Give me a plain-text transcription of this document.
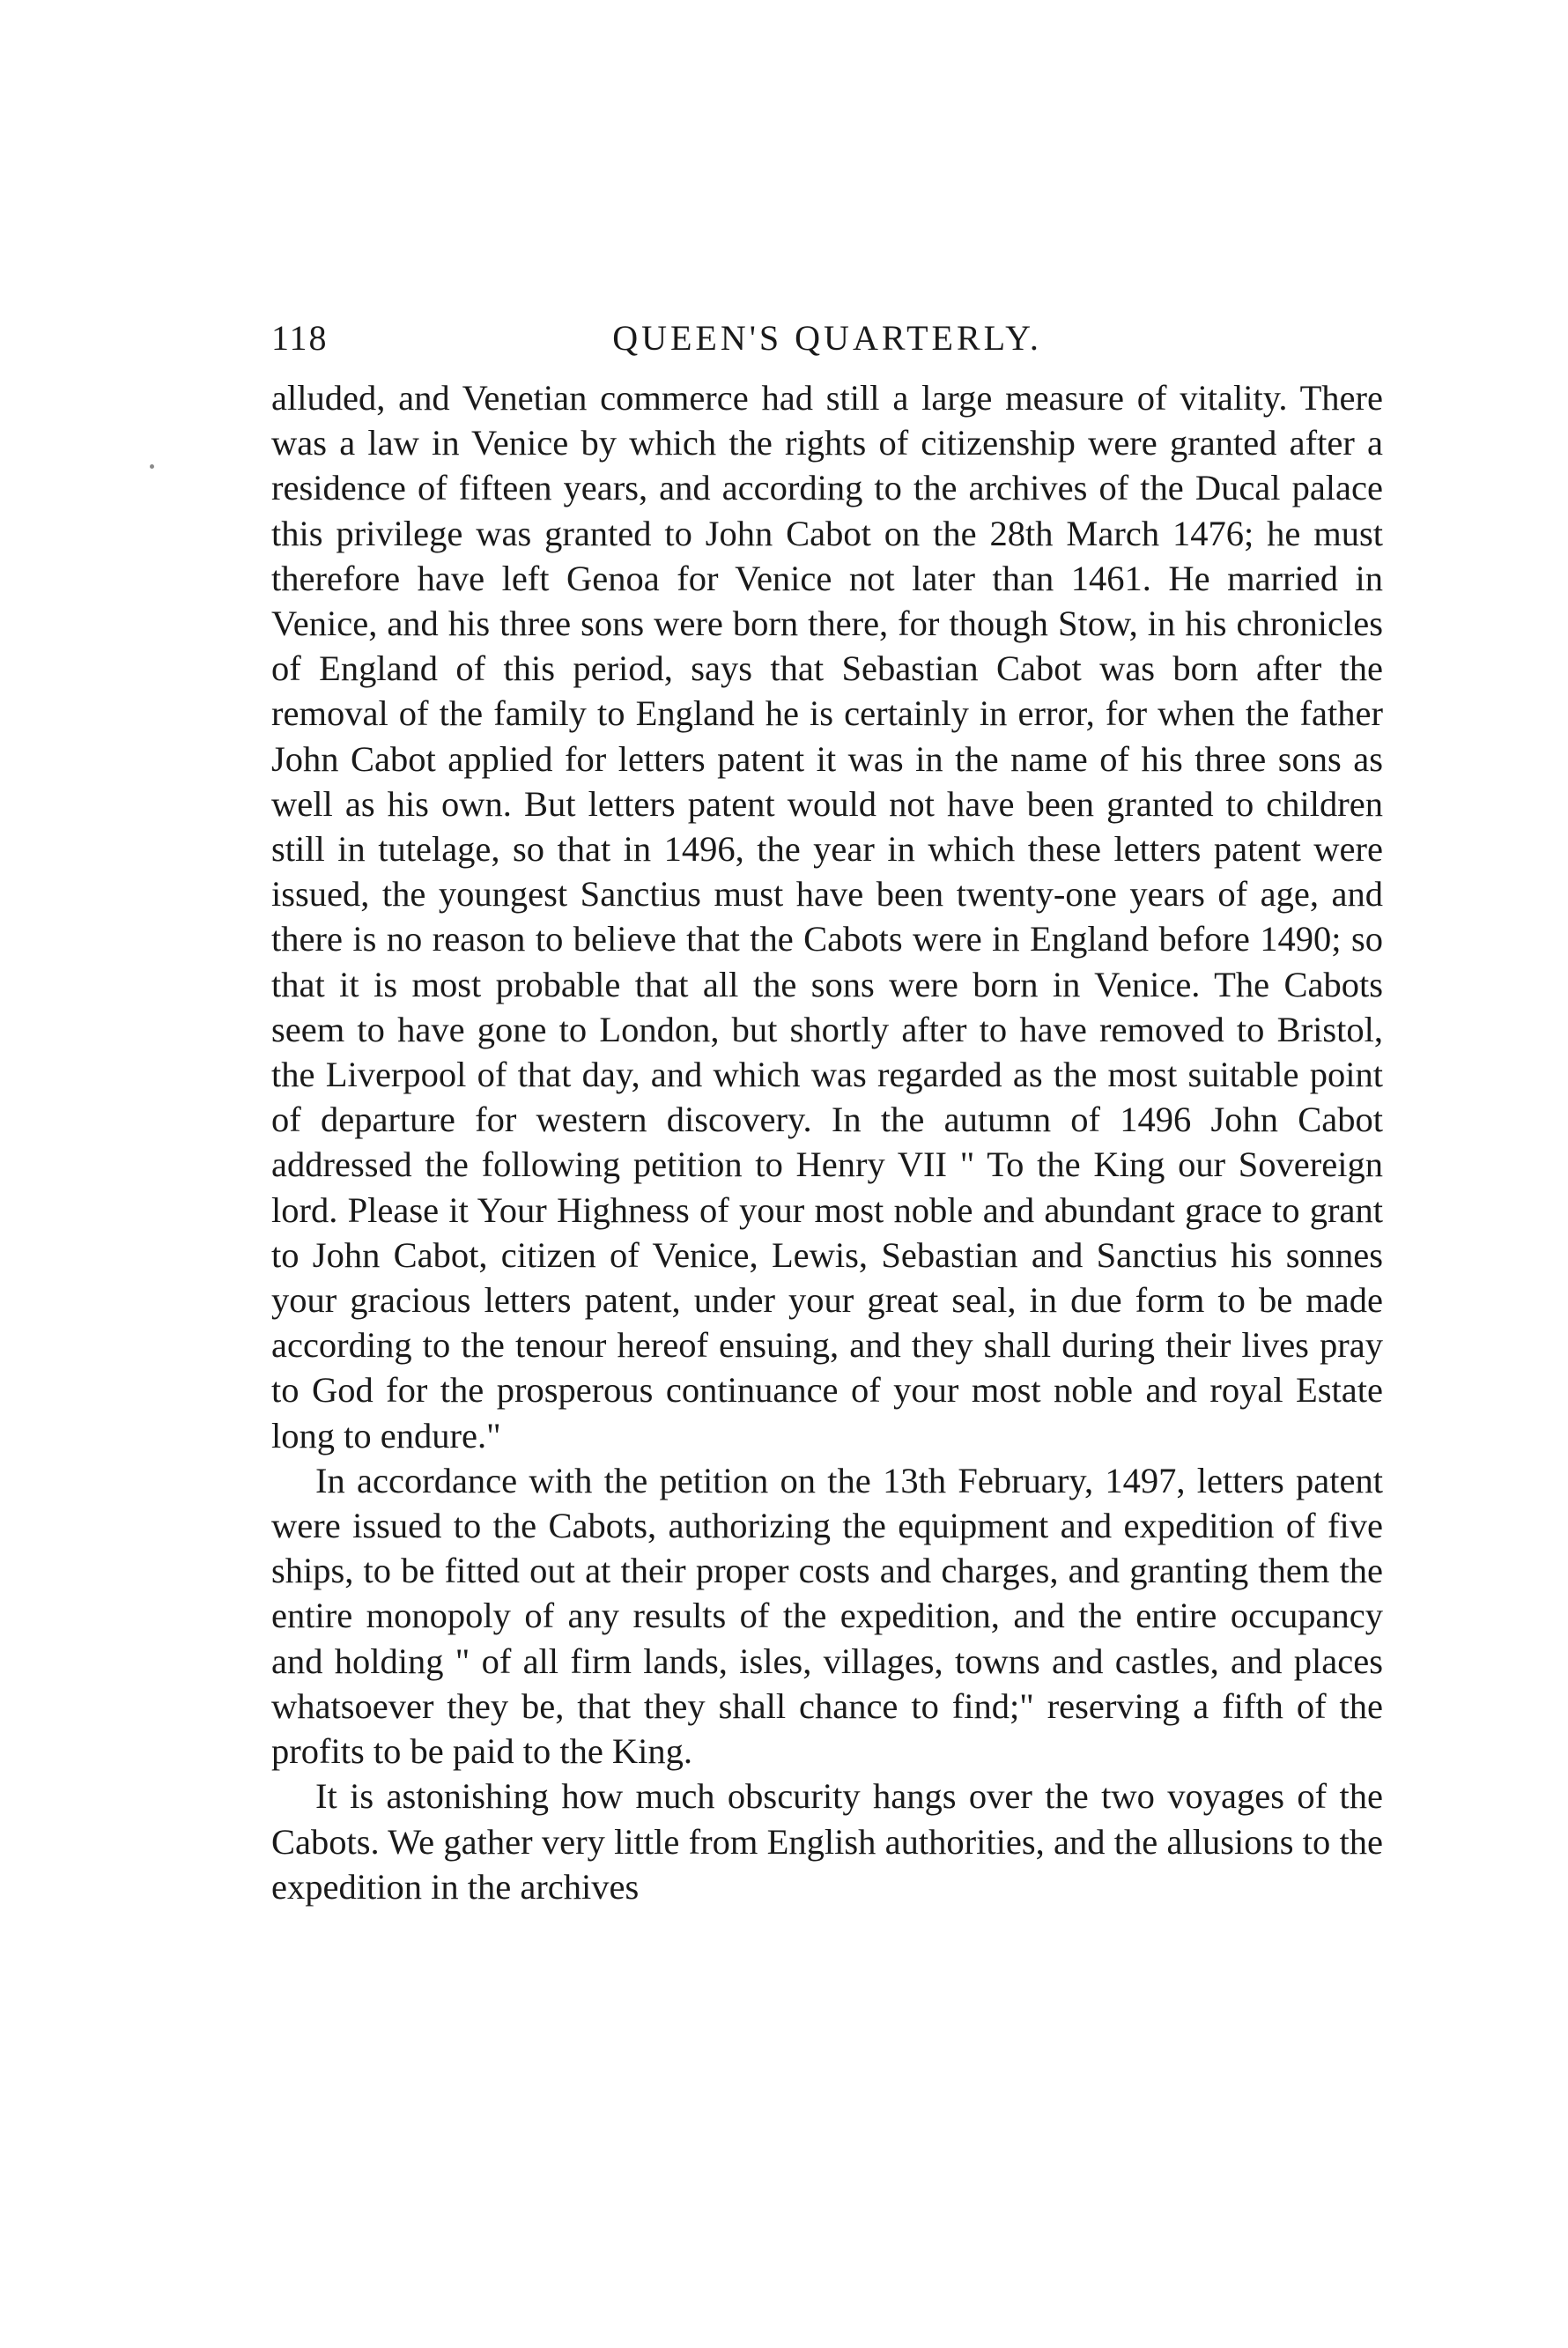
118	QUEEN'S QUARTERLY.

alluded, and Venetian commerce had still a large measure of vitality. There was a law in Venice by which the rights of citizenship were granted after a residence of fifteen years, and according to the archives of the Ducal palace this privilege was granted to John Cabot on the 28th March 1476; he must therefore have left Genoa for Venice not later than 1461. He married in Venice, and his three sons were born there, for though Stow, in his chronicles of England of this period, says that Sebastian Cabot was born after the removal of the family to England he is certainly in error, for when the father John Cabot applied for letters patent it was in the name of his three sons as well as his own. But letters patent would not have been granted to children still in tutelage, so that in 1496, the year in which these letters patent were issued, the youngest Sanctius must have been twenty-one years of age, and there is no reason to believe that the Cabots were in England before 1490; so that it is most probable that all the sons were born in Venice. The Cabots seem to have gone to London, but shortly after to have removed to Bristol, the Liverpool of that day, and which was regarded as the most suitable point of departure for western discovery. In the autumn of 1496 John Cabot addressed the following petition to Henry VII " To the King our Sovereign lord. Please it Your Highness of your most noble and abundant grace to grant to John Cabot, citizen of Venice, Lewis, Sebastian and Sanctius his sonnes your gracious letters patent, under your great seal, in due form to be made according to the tenour hereof ensuing, and they shall during their lives pray to God for the prosperous continuance of your most noble and royal Estate long to endure."

In accordance with the petition on the 13th February, 1497, letters patent were issued to the Cabots, authorizing the equipment and expedition of five ships, to be fitted out at their proper costs and charges, and granting them the entire monopoly of any results of the expedition, and the entire occupancy and holding " of all firm lands, isles, villages, towns and castles, and places whatsoever they be, that they shall chance to find;" reserving a fifth of the profits to be paid to the King.

It is astonishing how much obscurity hangs over the two voyages of the Cabots. We gather very little from English authorities, and the allusions to the expedition in the archives
